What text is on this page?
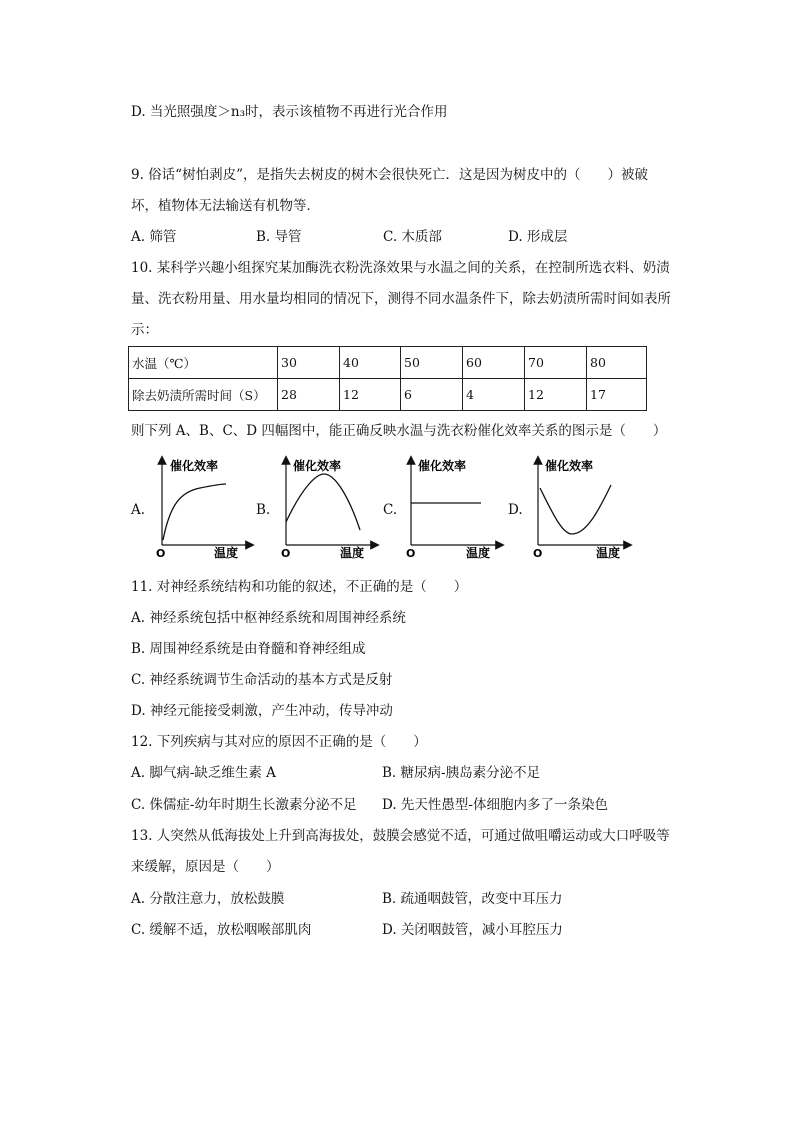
D. 当光照强度＞n₃时，表示该植物不再进行光合作用
9. 俗话“树怕剥皮”，是指失去树皮的树木会很快死亡．这是因为树皮中的（　　）被破
坏，植物体无法输送有机物等．
A. 筛管	B. 导管	C. 木质部	D. 形成层
10. 某科学兴趣小组探究某加酶洗衣粉洗涤效果与水温之间的关系，在控制所选衣料、奶渍
量、洗衣粉用量、用水量均相同的情况下，测得不同水温条件下，除去奶渍所需时间如表所
示：
水温（℃）	30	40	50	60	70	80
除去奶渍所需时间（S）	28	12	6	4	12	17
则下列 A、B、C、D 四幅图中，能正确反映水温与洗衣粉催化效率关系的图示是（　　）
A.	B.	C.	D.
催化效率
温度
O
催化效率
温度
O
催化效率
温度
O
催化效率
温度
O
11. 对神经系统结构和功能的叙述，不正确的是（　　）
A. 神经系统包括中枢神经系统和周围神经系统
B. 周围神经系统是由脊髓和脊神经组成
C. 神经系统调节生命活动的基本方式是反射
D. 神经元能接受刺激，产生冲动，传导冲动
12. 下列疾病与其对应的原因不正确的是（　　）
A. 脚气病-缺乏维生素 A	B. 糖尿病-胰岛素分泌不足
C. 侏儒症-幼年时期生长激素分泌不足 D. 先天性愚型-体细胞内多了一条染色
13. 人突然从低海拔处上升到高海拔处，鼓膜会感觉不适，可通过做咀嚼运动或大口呼吸等
来缓解，原因是（　　）
A. 分散注意力，放松鼓膜	B. 疏通咽鼓管，改变中耳压力
C. 缓解不适，放松咽喉部肌肉	D. 关闭咽鼓管，减小耳腔压力
